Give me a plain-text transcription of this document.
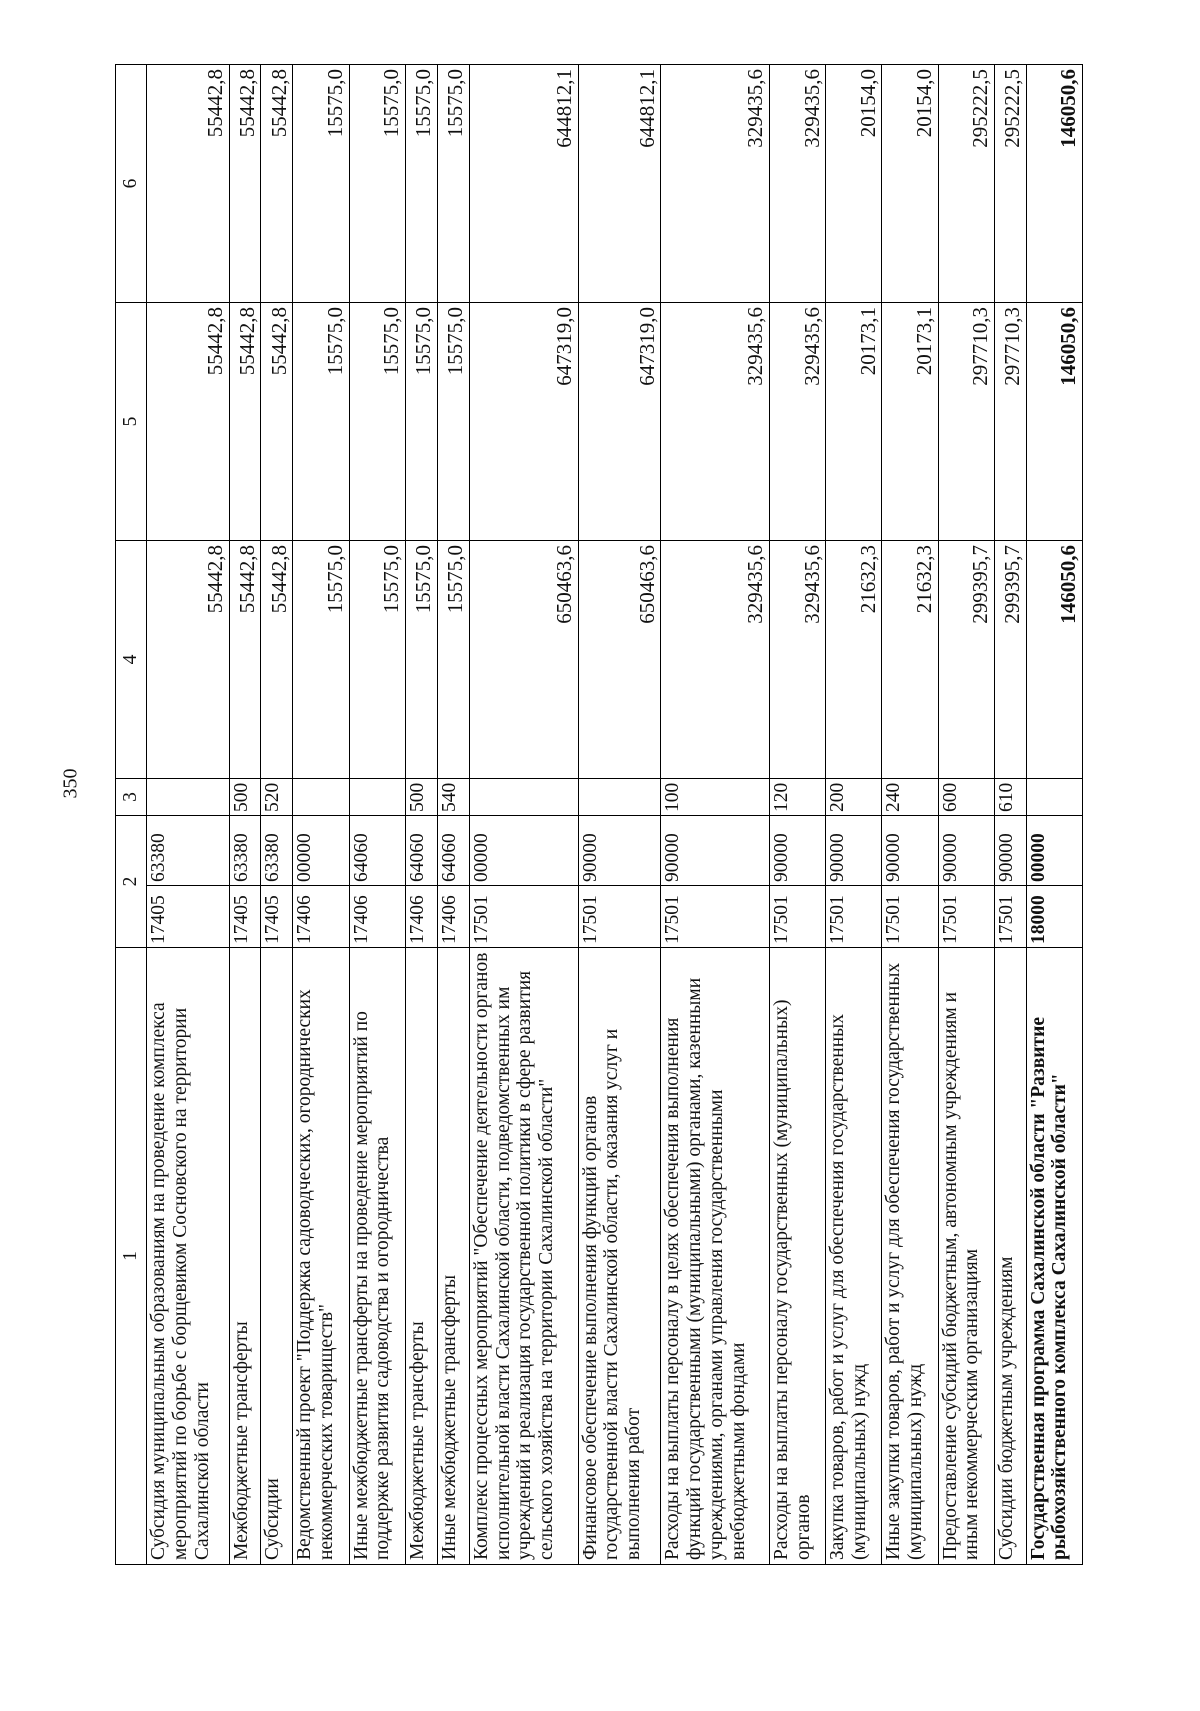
350
1	2		3	4	5	6
Субсидия муниципальным образованиям на проведение комплекса мероприятий по борьбе с борщевиком Сосновского на территории Сахалинской области	17405	63380		55442,8	55442,8	55442,8
Межбюджетные трансферты	17405	63380	500	55442,8	55442,8	55442,8
Субсидии	17405	63380	520	55442,8	55442,8	55442,8
Ведомственный проект "Поддержка садоводческих, огороднических некоммерческих товариществ"	17406	00000		15575,0	15575,0	15575,0
Иные межбюджетные трансферты на проведение мероприятий по поддержке развития садоводства и огородничества	17406	64060		15575,0	15575,0	15575,0
Межбюджетные трансферты	17406	64060	500	15575,0	15575,0	15575,0
Иные межбюджетные трансферты	17406	64060	540	15575,0	15575,0	15575,0
Комплекс процессных мероприятий "Обеспечение деятельности органов исполнительной власти Сахалинской области, подведомственных им учреждений и реализация государственной политики в сфере развития сельского хозяйства на территории Сахалинской области"	17501	00000		650463,6	647319,0	644812,1
Финансовое обеспечение выполнения функций органов государственной власти Сахалинской области, оказания услуг и выполнения работ	17501	90000		650463,6	647319,0	644812,1
Расходы на выплаты персоналу в целях обеспечения выполнения функций государственными (муниципальными) органами, казенными учреждениями, органами управления государственными внебюджетными фондами	17501	90000	100	329435,6	329435,6	329435,6
Расходы на выплаты персоналу государственных (муниципальных) органов	17501	90000	120	329435,6	329435,6	329435,6
Закупка товаров, работ и услуг для обеспечения государственных (муниципальных) нужд	17501	90000	200	21632,3	20173,1	20154,0
Иные закупки товаров, работ и услуг для обеспечения государственных (муниципальных) нужд	17501	90000	240	21632,3	20173,1	20154,0
Предоставление субсидий бюджетным, автономным учреждениям и иным некоммерческим организациям	17501	90000	600	299395,7	297710,3	295222,5
Субсидии бюджетным учреждениям	17501	90000	610	299395,7	297710,3	295222,5
Государственная программа Сахалинской области "Развитие рыбохозяйственного комплекса Сахалинской области"	18000	00000		146050,6	146050,6	146050,6
